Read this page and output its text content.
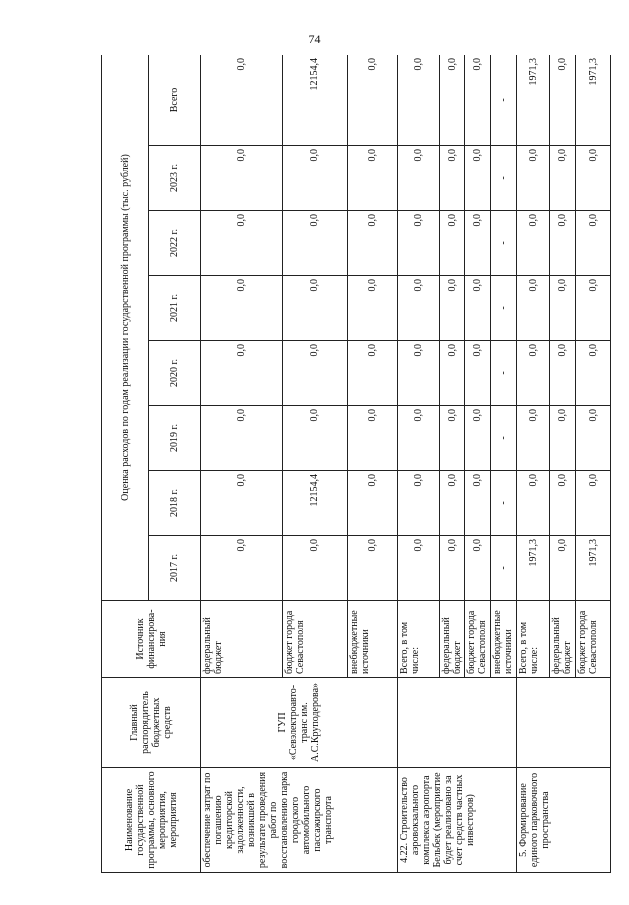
74
Наименование государственной программы, основного мероприятия, мероприятия	Главный распорядитель бюджетных средств	Источник финансирова-ния	Оценка расходов по годам реализации государственной программы (тыс. рублей)							
			2017 г.	2018 г.	2019 г.	2020 г.	2021 г.	2022 г.	2023 г.	Всего
обеспечение затрат по погашению кредиторской задолженности, возникшей в результате проведения работ по восстановлению парка городского автомобильного пассажирского транспорта	ГУП «Севэлектроавто-транс им. А.С.Круподерова»	федеральный бюджет	0,0	0,0	0,0	0,0	0,0	0,0	0,0	0,0
		бюджет города Севастополя	0,0	12154,4	0,0	0,0	0,0	0,0	0,0	12154,4
		внебюджетные источники	0,0	0,0	0,0	0,0	0,0	0,0	0,0	0,0
4.22. Строительство аэровокзального комплекса аэропорта Бельбек (мероприятие будет реализовано за счет средств частных инвесторов)		Всего, в том числе:	0,0	0,0	0,0	0,0	0,0	0,0	0,0	0,0
		федеральный бюджет	0,0	0,0	0,0	0,0	0,0	0,0	0,0	0,0
		бюджет города Севастополя	0,0	0,0	0,0	0,0	0,0	0,0	0,0	0,0
		внебюджетные источники	-	-	-	-	-	-	-	-
5. Формирование единого парковочного пространства		Всего, в том числе:	1971,3	0,0	0,0	0,0	0,0	0,0	0,0	1971,3
		федеральный бюджет	0,0	0,0	0,0	0,0	0,0	0,0	0,0	0,0
		бюджет города Севастополя	1971,3	0,0	0,0	0,0	0,0	0,0	0,0	1971,3
